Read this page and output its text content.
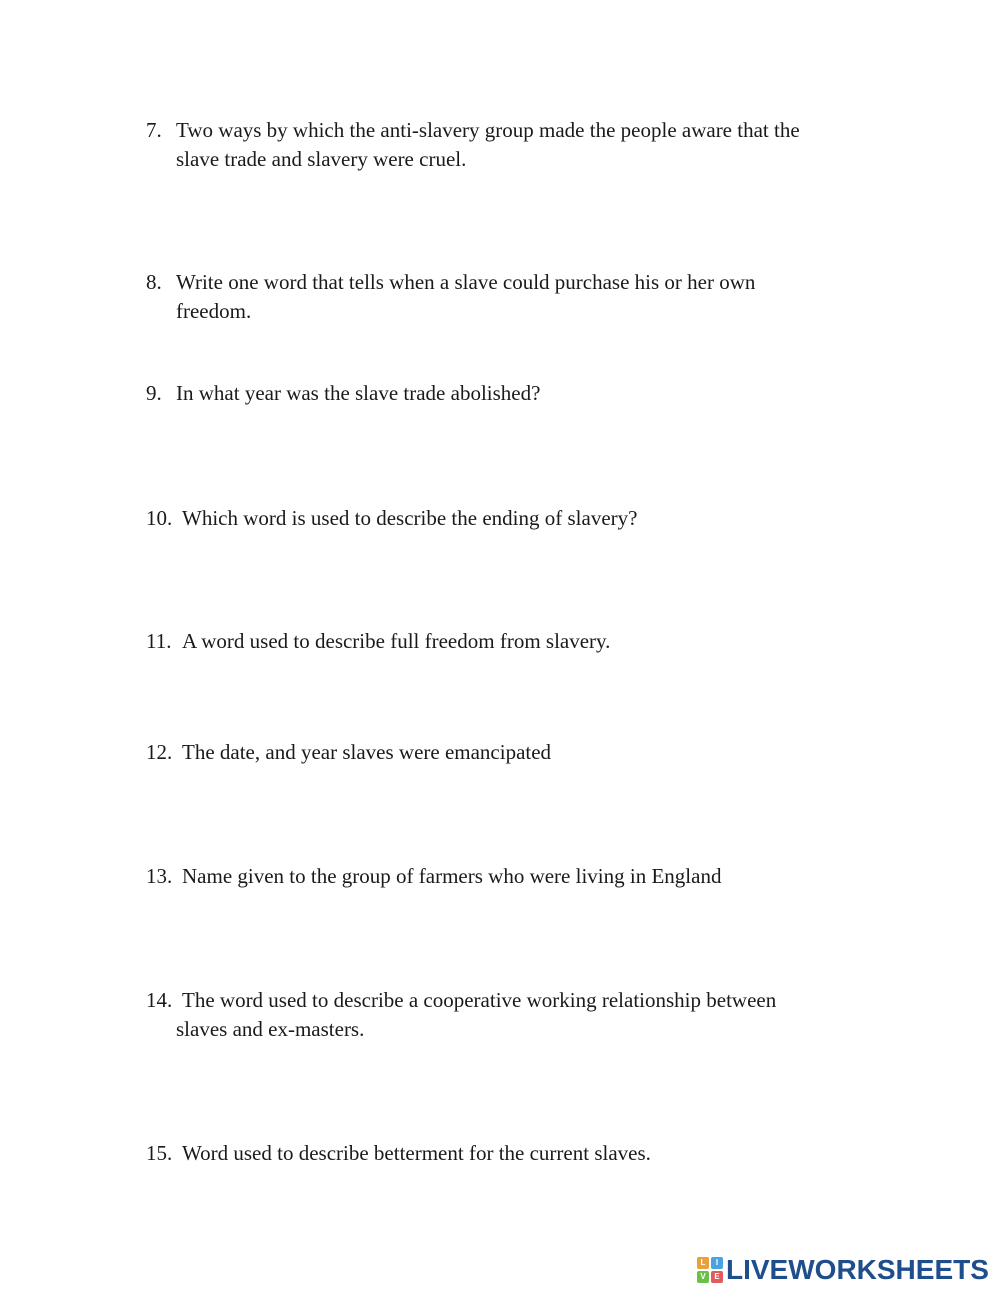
7. Two ways by which the anti-slavery group made the people aware that the
slave trade and slavery were cruel.
8. Write one word that tells when a slave could purchase his or her own
freedom.
9. In what year was the slave trade abolished?
10. Which word is used to describe the ending of slavery?
11. A word used to describe full freedom from slavery.
12. The date, and year slaves were emancipated
13. Name given to the group of farmers who were living in England
14. The word used to describe a cooperative working relationship between
slaves and ex-masters.
15. Word used to describe betterment for the current slaves.
L	I
V	E LIVEWORKSHEETS
